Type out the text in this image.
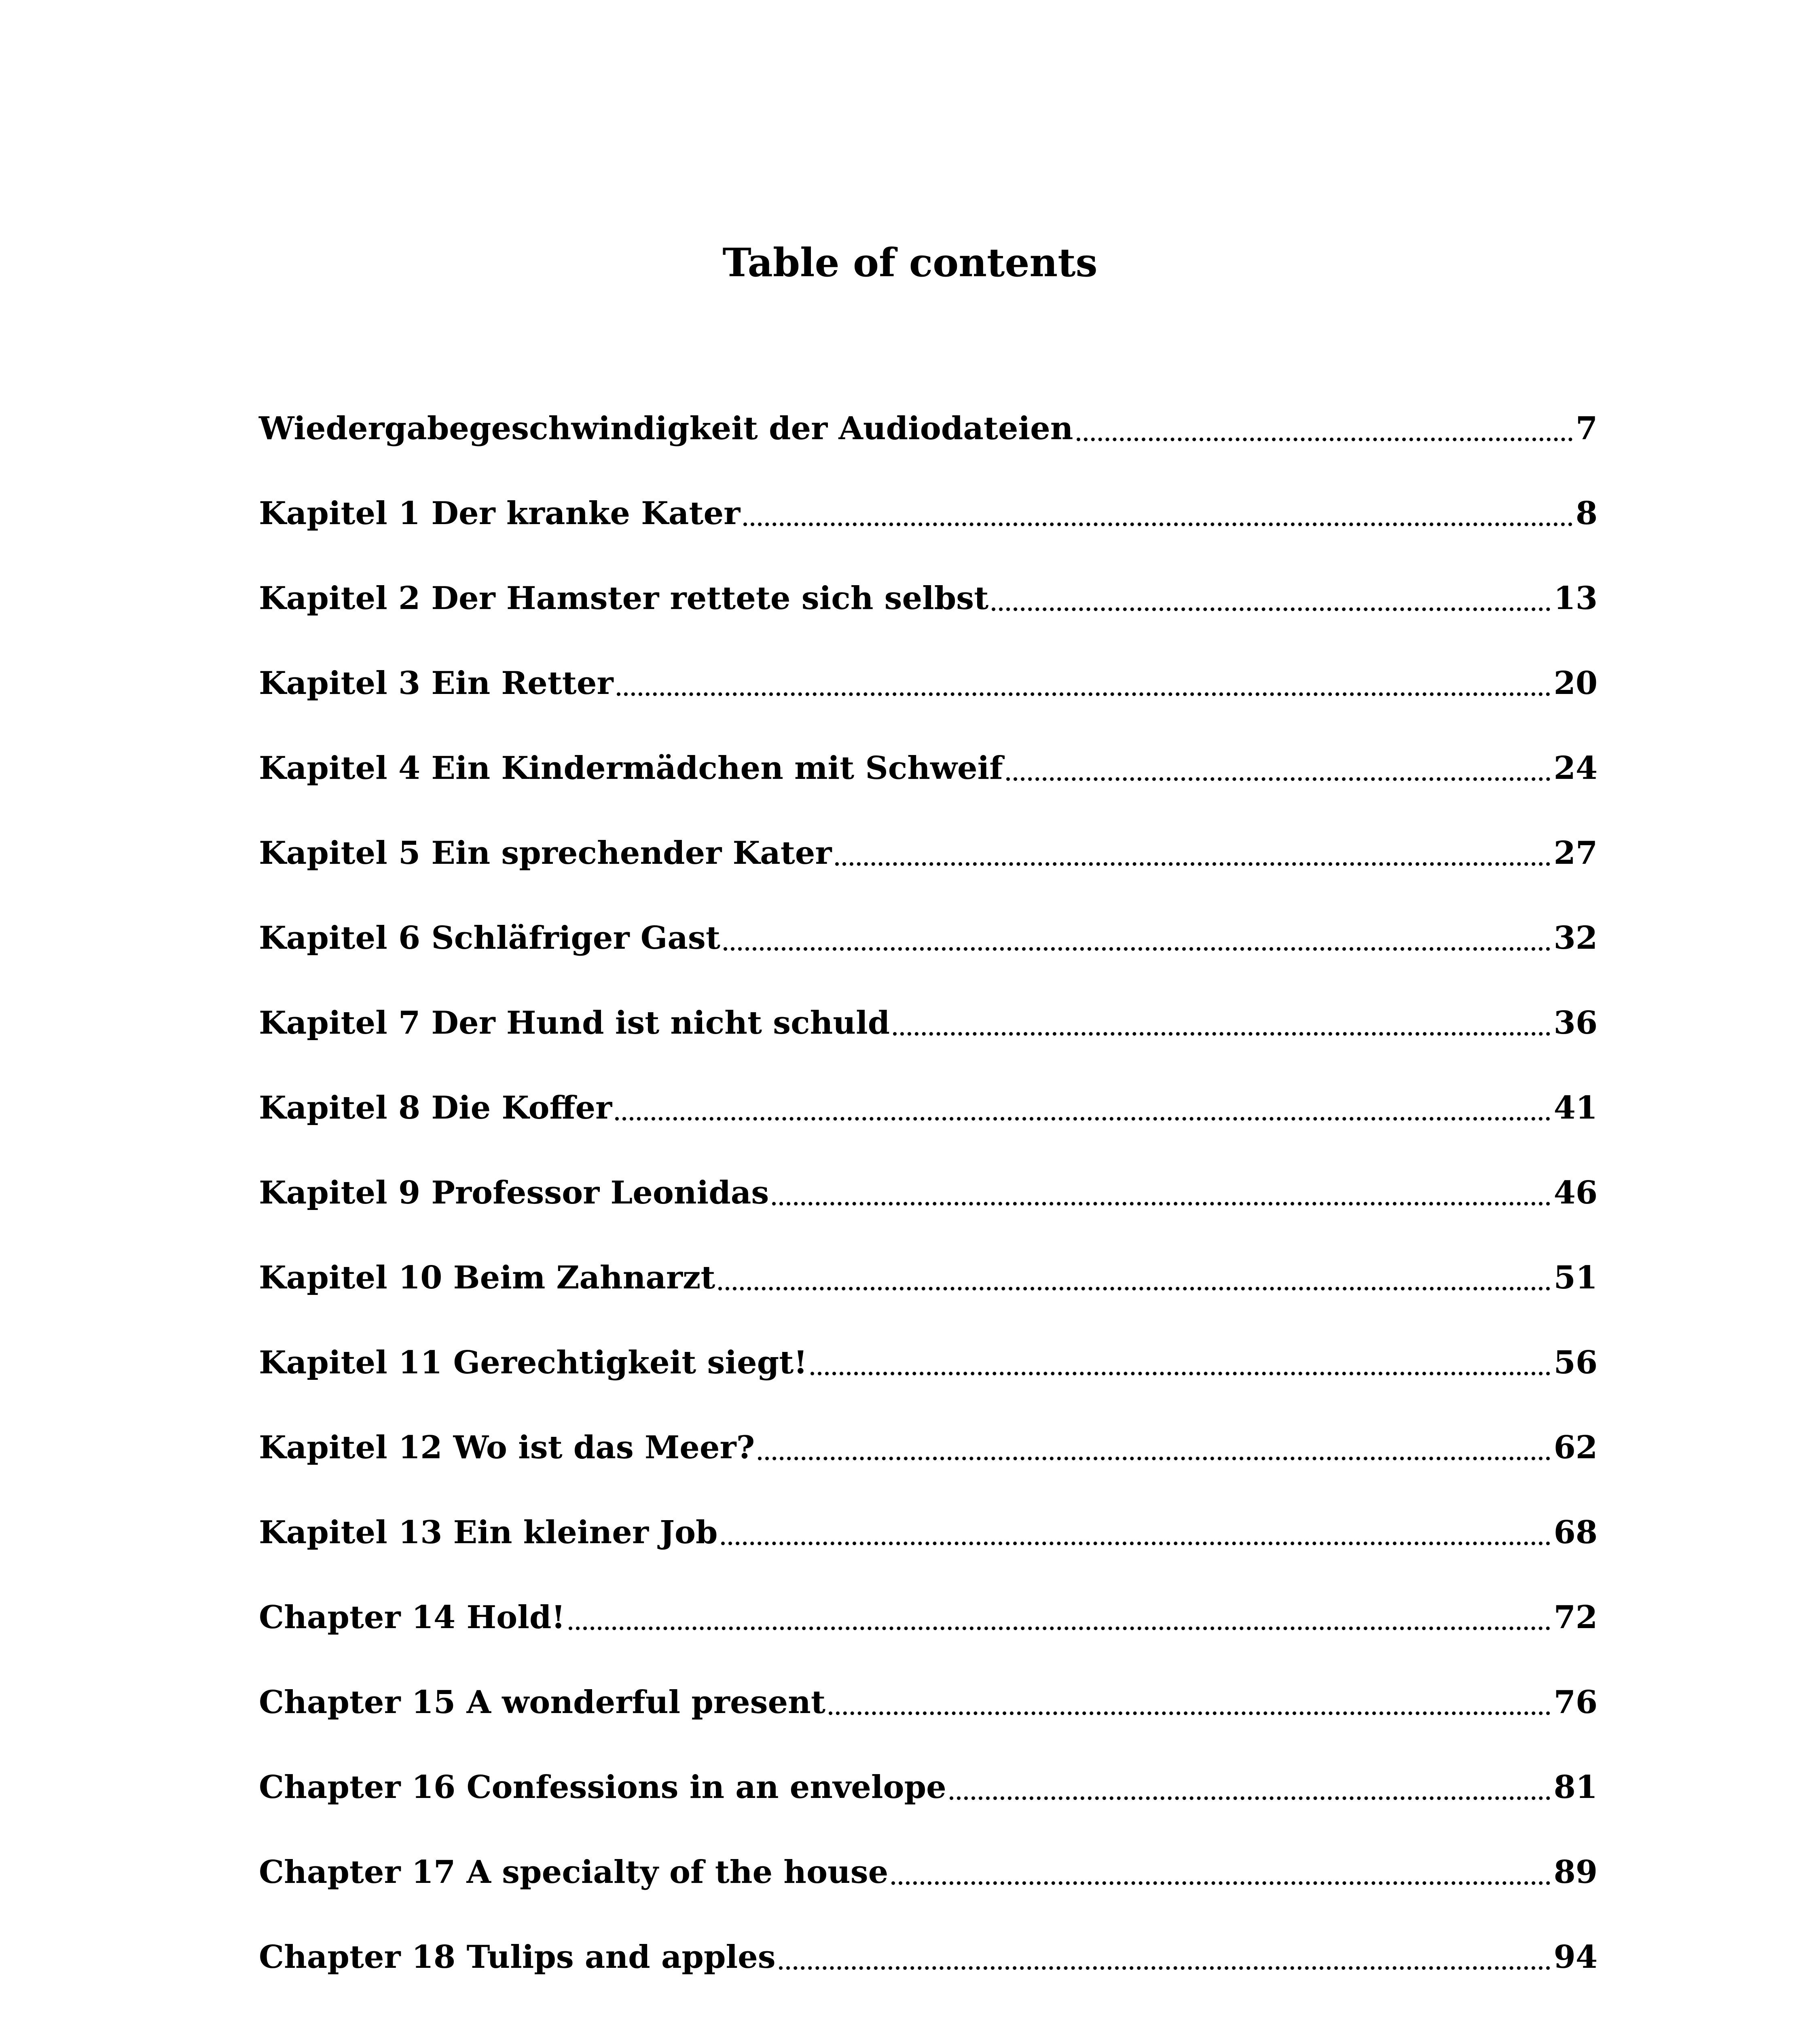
Table of contents
Wiedergabegeschwindigkeit der Audiodateien	7
Kapitel 1 Der kranke Kater	8
Kapitel 2 Der Hamster rettete sich selbst	13
Kapitel 3 Ein Retter	20
Kapitel 4 Ein Kindermädchen mit Schweif	24
Kapitel 5 Ein sprechender Kater	27
Kapitel 6 Schläfriger Gast	32
Kapitel 7 Der Hund ist nicht schuld	36
Kapitel 8 Die Koffer	41
Kapitel 9 Professor Leonidas	46
Kapitel 10 Beim Zahnarzt	51
Kapitel 11 Gerechtigkeit siegt!	56
Kapitel 12 Wo ist das Meer?	62
Kapitel 13 Ein kleiner Job	68
Chapter 14 Hold!	72
Chapter 15 A wonderful present	76
Chapter 16 Confessions in an envelope	81
Chapter 17 A specialty of the house	89
Chapter 18 Tulips and apples	94
